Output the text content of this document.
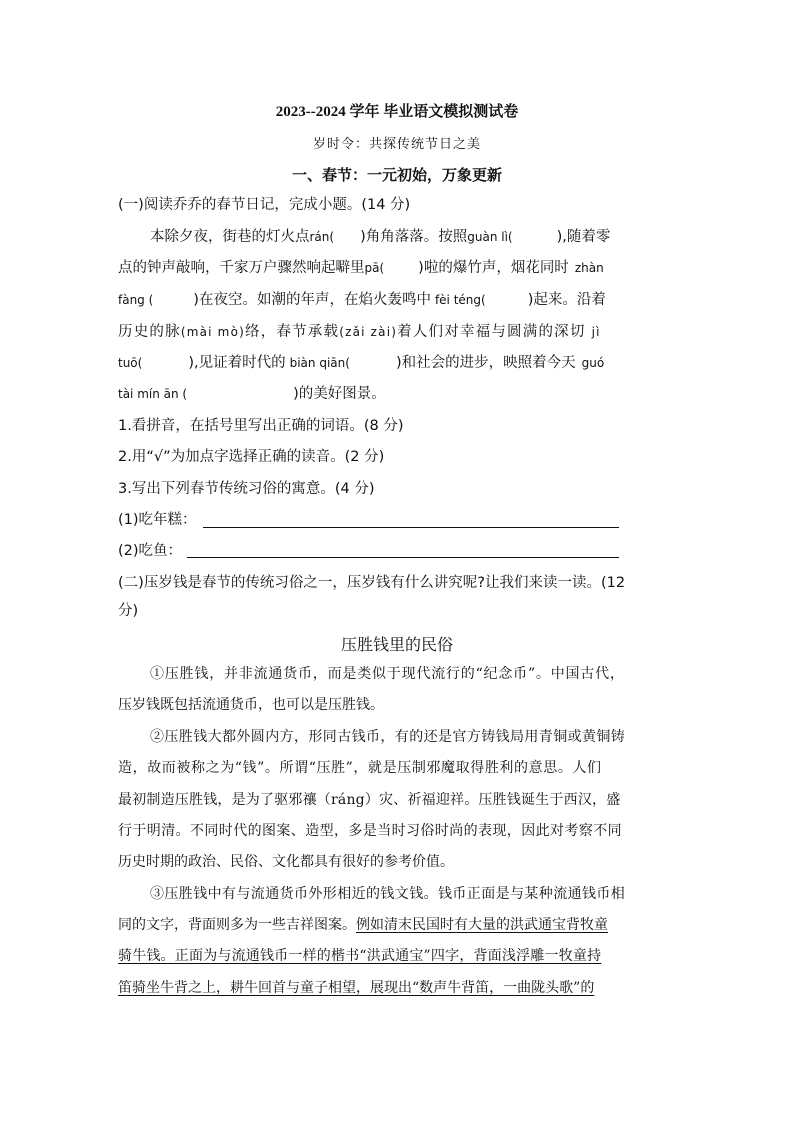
2023--2024 学年 毕业语文模拟测试卷
岁时令：共探传统节日之美
一、春节：一元初始，万象更新
(一)阅读乔乔的春节日记，完成小题。(14 分)
本除夕夜，街巷的灯火点rán( )角角落落。按照guàn lì(	),随着零
点的钟声敲响，千家万户骤然响起噼里pā( )啦的爆竹声，烟花同时 zhàn
fàng (	)在夜空。如潮的年声，在焰火轰鸣中 fèi téng(	)起来。沿着
历史的脉(mài mò)络，春节承载(zǎi zài)着人们对幸福与圆满的深切 jì
tuō(	),见证着时代的 biàn qiān(	)和社会的进步，映照着今天 guó
tài mín ān (	)的美好图景。
1.看拼音，在括号里写出正确的词语。(8 分)
2.用“√”为加点字选择正确的读音。(2 分)
3.写出下列春节传统习俗的寓意。(4 分)
(1)吃年糕：
(2)吃鱼：
(二)压岁钱是春节的传统习俗之一，压岁钱有什么讲究呢?让我们来读一读。(12
分)
压胜钱里的民俗
①压胜钱，并非流通货币，而是类似于现代流行的“纪念币”。中国古代，
压岁钱既包括流通货币，也可以是压胜钱。
②压胜钱大都外圆内方，形同古钱币，有的还是官方铸钱局用青铜或黄铜铸
造，故而被称之为“钱”。所谓“压胜”，就是压制邪魔取得胜利的意思。人们
最初制造压胜钱，是为了驱邪禳（ráng）灾、祈福迎祥。压胜钱诞生于西汉，盛
行于明清。不同时代的图案、造型，多是当时习俗时尚的表现，因此对考察不同
历史时期的政治、民俗、文化都具有很好的参考价值。
③压胜钱中有与流通货币外形相近的钱文钱。钱币正面是与某种流通钱币相
同的文字，背面则多为一些吉祥图案。例如清末民国时有大量的洪武通宝背牧童
骑牛钱。正面为与流通钱币一样的楷书“洪武通宝”四字，背面浅浮雕一牧童持
笛骑坐牛背之上，耕牛回首与童子相望，展现出“数声牛背笛，一曲陇头歌”的
